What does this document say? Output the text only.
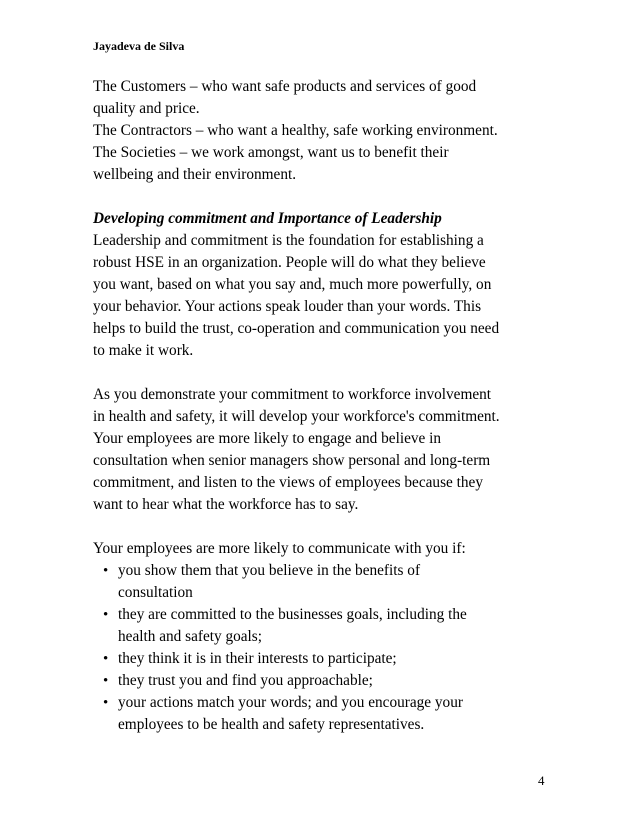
Jayadeva de Silva
The Customers – who want safe products and services of good
quality and price.
The Contractors – who want a healthy, safe working environment.
The Societies – we work amongst, want us to benefit their
wellbeing and their environment.
Developing commitment and Importance of Leadership
Leadership and commitment is the foundation for establishing a
robust HSE in an organization. People will do what they believe
you want, based on what you say and, much more powerfully, on
your behavior. Your actions speak louder than your words. This
helps to build the trust, co-operation and communication you need
to make it work.
As you demonstrate your commitment to workforce involvement
in health and safety, it will develop your workforce's commitment.
Your employees are more likely to engage and believe in
consultation when senior managers show personal and long-term
commitment, and listen to the views of employees because they
want to hear what the workforce has to say.
Your employees are more likely to communicate with you if:
• you show them that you believe in the benefits of
consultation
• they are committed to the businesses goals, including the
health and safety goals;
• they think it is in their interests to participate;
• they trust you and find you approachable;
• your actions match your words; and you encourage your
employees to be health and safety representatives.
4
